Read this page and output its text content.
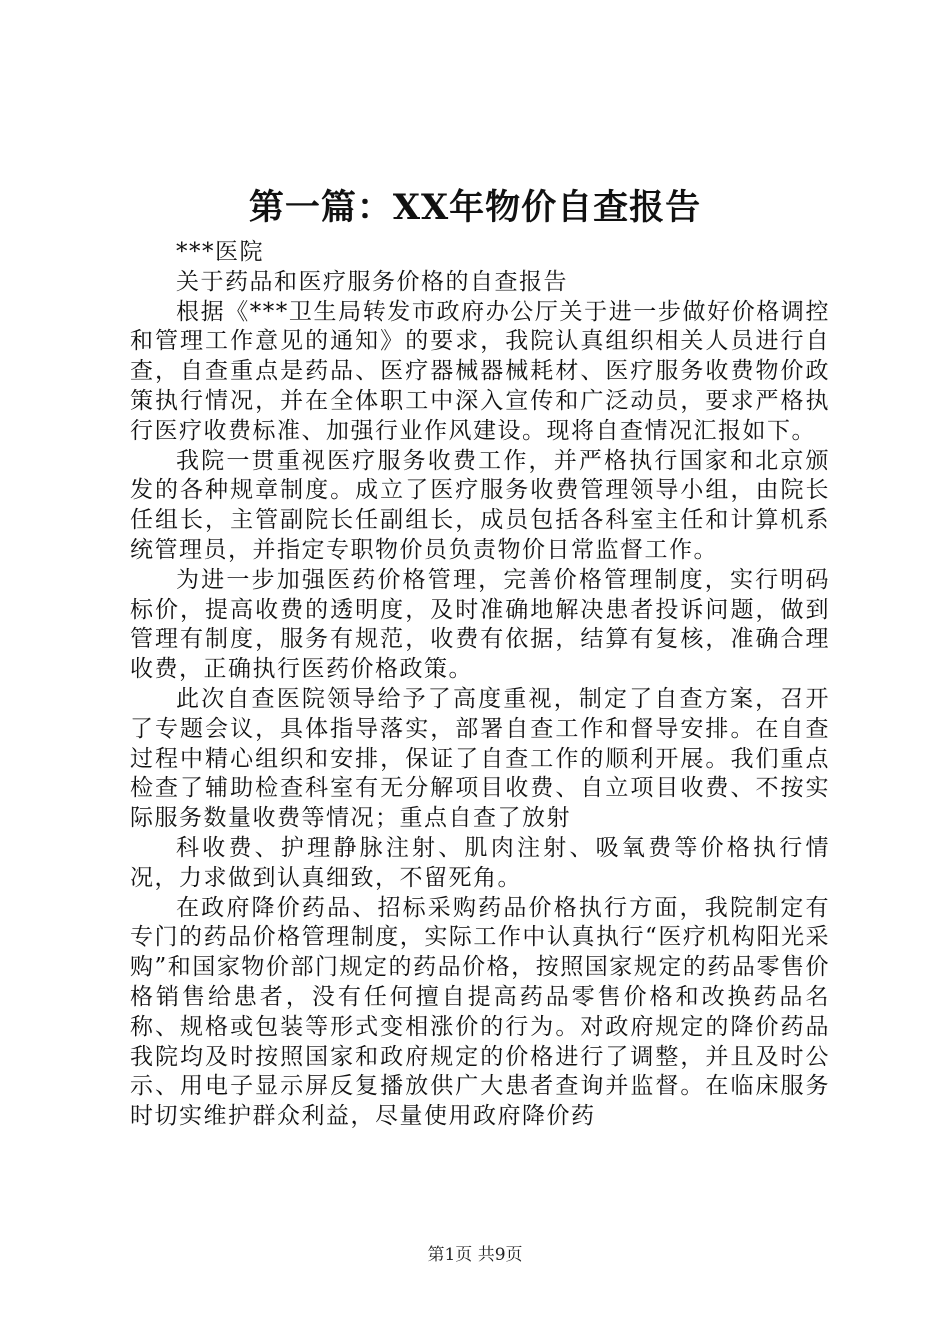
第一篇：XX年物价自查报告

***医院

关于药品和医疗服务价格的自查报告

根据《***卫生局转发市政府办公厅关于进一步做好价格调控和管理工作意见的通知》的要求，我院认真组织相关人员进行自查，自查重点是药品、医疗器械器械耗材、医疗服务收费物价政策执行情况，并在全体职工中深入宣传和广泛动员，要求严格执行医疗收费标准、加强行业作风建设。现将自查情况汇报如下。

我院一贯重视医疗服务收费工作，并严格执行国家和北京颁发的各种规章制度。成立了医疗服务收费管理领导小组，由院长任组长，主管副院长任副组长，成员包括各科室主任和计算机系统管理员，并指定专职物价员负责物价日常监督工作。

为进一步加强医药价格管理，完善价格管理制度，实行明码标价，提高收费的透明度，及时准确地解决患者投诉问题，做到管理有制度，服务有规范，收费有依据，结算有复核，准确合理收费，正确执行医药价格政策。

此次自查医院领导给予了高度重视，制定了自查方案，召开了专题会议，具体指导落实，部署自查工作和督导安排。在自查过程中精心组织和安排，保证了自查工作的顺利开展。我们重点检查了辅助检查科室有无分解项目收费、自立项目收费、不按实际服务数量收费等情况；重点自查了放射

科收费、护理静脉注射、肌肉注射、吸氧费等价格执行情况，力求做到认真细致，不留死角。

在政府降价药品、招标采购药品价格执行方面，我院制定有专门的药品价格管理制度，实际工作中认真执行“医疗机构阳光采购”和国家物价部门规定的药品价格，按照国家规定的药品零售价格销售给患者，没有任何擅自提高药品零售价格和改换药品名称、规格或包装等形式变相涨价的行为。对政府规定的降价药品我院均及时按照国家和政府规定的价格进行了调整，并且及时公示、用电子显示屏反复播放供广大患者查询并监督。在临床服务时切实维护群众利益，尽量使用政府降价药

第1页 共9页
